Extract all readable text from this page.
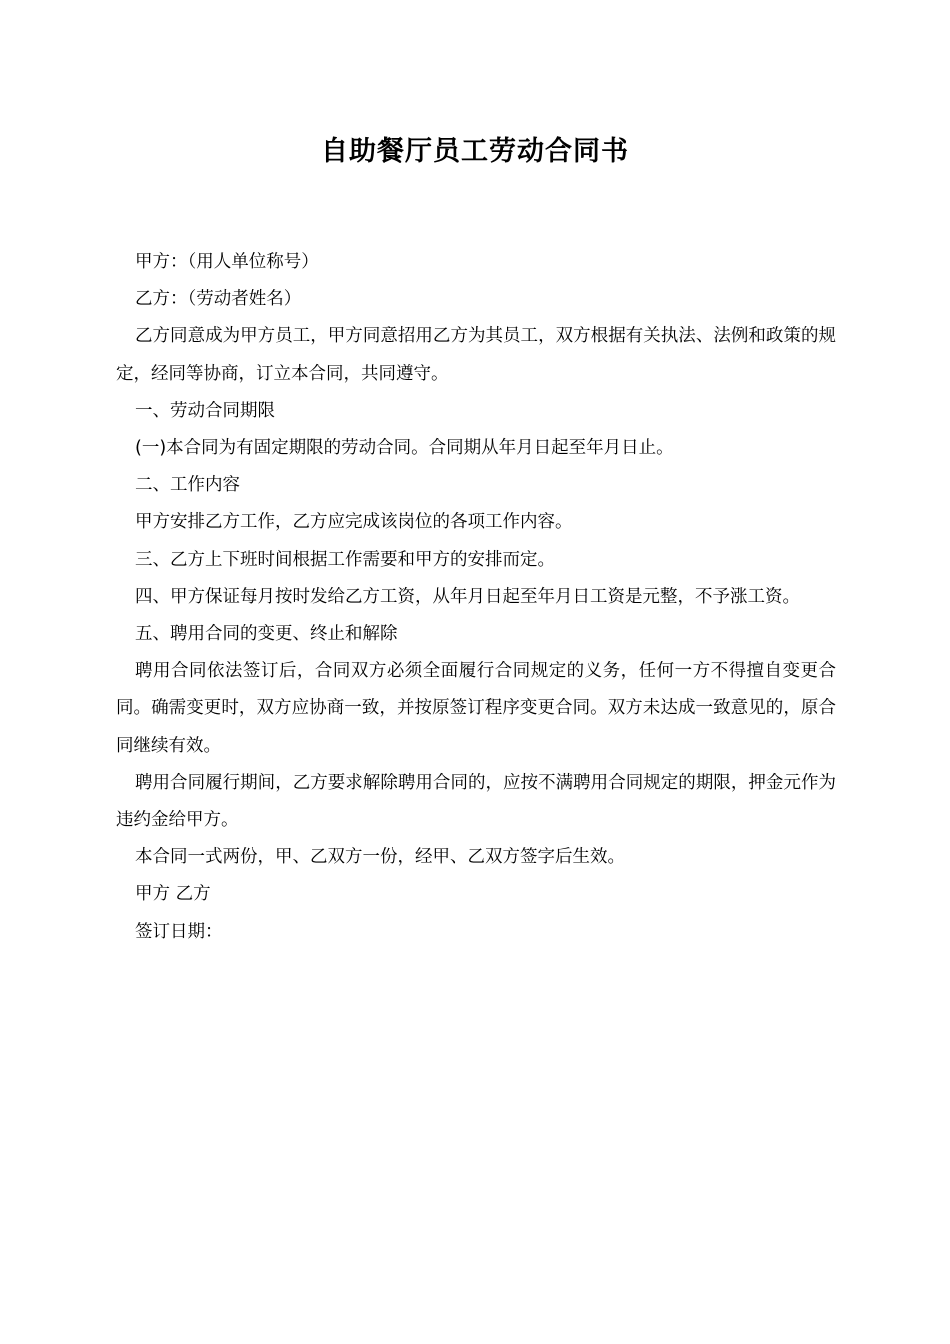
自助餐厅员工劳动合同书

甲方：（用人单位称号）

乙方：（劳动者姓名）

乙方同意成为甲方员工，甲方同意招用乙方为其员工，双方根据有关执法、法例和政策的规定，经同等协商，订立本合同，共同遵守。

一、劳动合同期限

(一)本合同为有固定期限的劳动合同。合同期从年月日起至年月日止。

二、工作内容

甲方安排乙方工作，乙方应完成该岗位的各项工作内容。

三、乙方上下班时间根据工作需要和甲方的安排而定。

四、甲方保证每月按时发给乙方工资，从年月日起至年月日工资是元整，不予涨工资。

五、聘用合同的变更、终止和解除

聘用合同依法签订后，合同双方必须全面履行合同规定的义务，任何一方不得擅自变更合同。确需变更时，双方应协商一致，并按原签订程序变更合同。双方未达成一致意见的，原合同继续有效。

聘用合同履行期间，乙方要求解除聘用合同的，应按不满聘用合同规定的期限，押金元作为违约金给甲方。

本合同一式两份，甲、乙双方一份，经甲、乙双方签字后生效。

甲方 乙方

签订日期：
